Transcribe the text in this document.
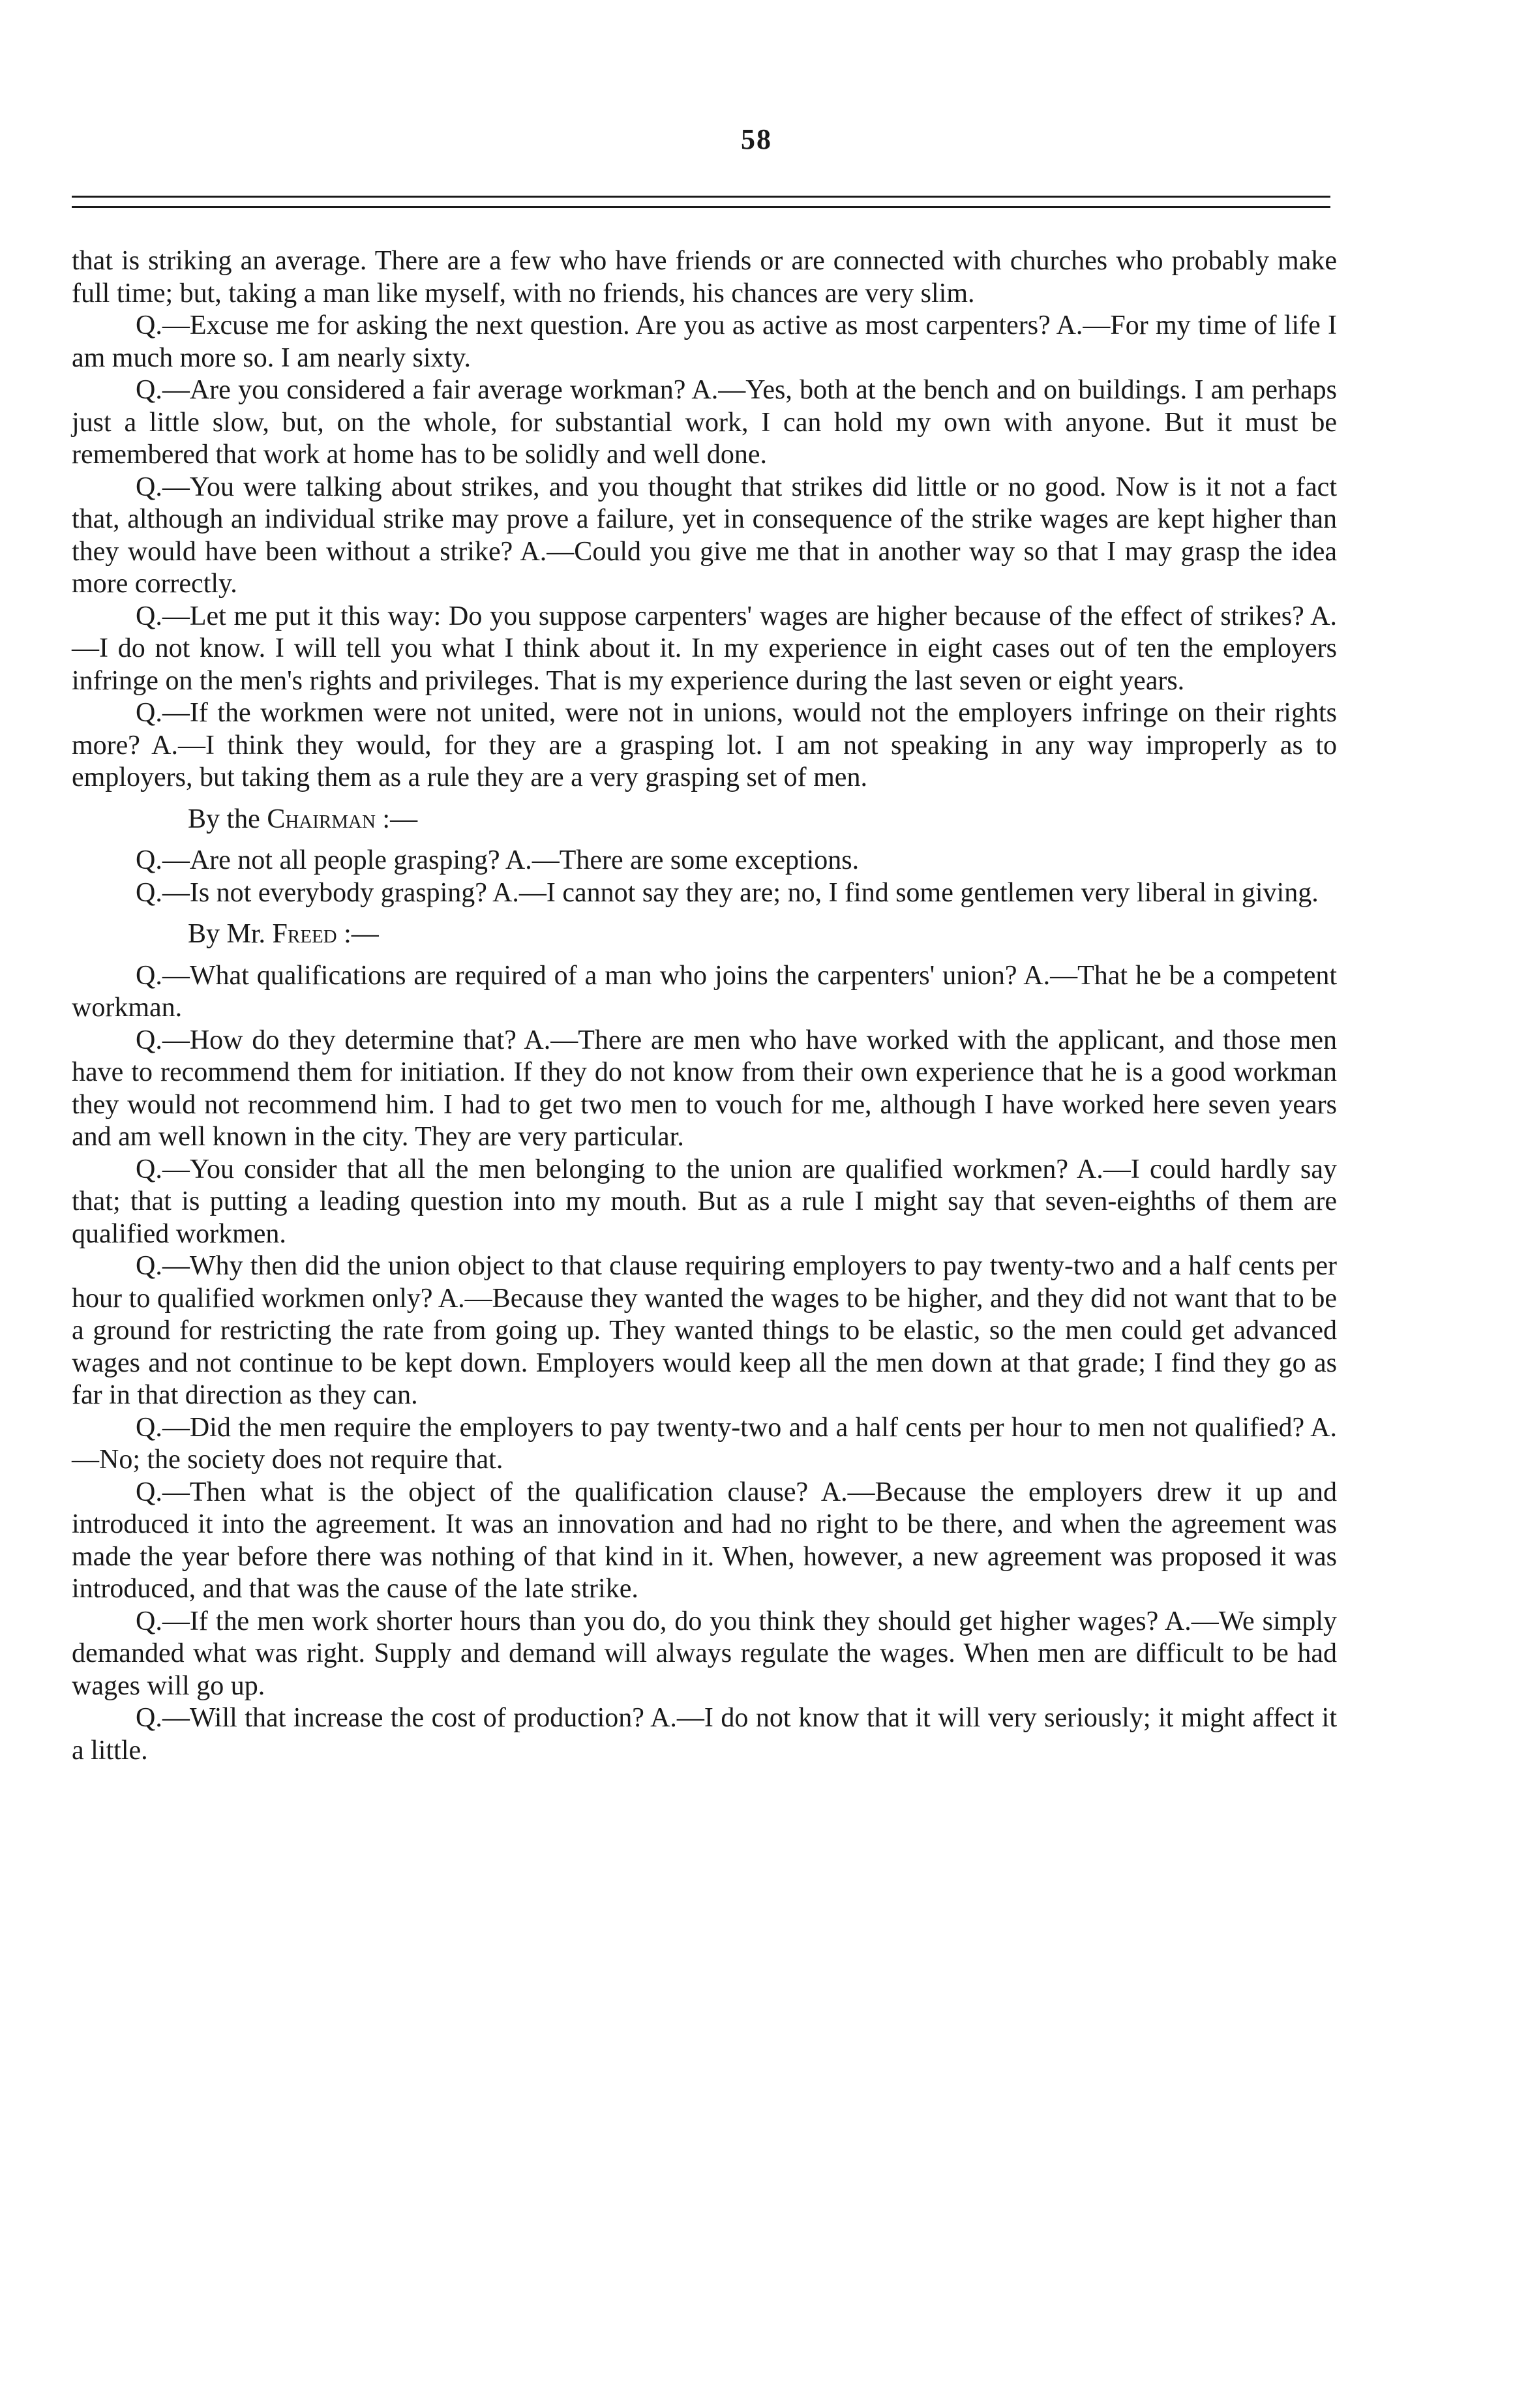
58

that is striking an average. There are a few who have friends or are connected with churches who probably make full time; but, taking a man like myself, with no friends, his chances are very slim.

Q.—Excuse me for asking the next question. Are you as active as most carpenters? A.—For my time of life I am much more so. I am nearly sixty.

Q.—Are you considered a fair average workman? A.—Yes, both at the bench and on buildings. I am perhaps just a little slow, but, on the whole, for substantial work, I can hold my own with anyone. But it must be remembered that work at home has to be solidly and well done.

Q.—You were talking about strikes, and you thought that strikes did little or no good. Now is it not a fact that, although an individual strike may prove a failure, yet in consequence of the strike wages are kept higher than they would have been without a strike? A.—Could you give me that in another way so that I may grasp the idea more correctly.

Q.—Let me put it this way: Do you suppose carpenters' wages are higher because of the effect of strikes? A.—I do not know. I will tell you what I think about it. In my experience in eight cases out of ten the employers infringe on the men's rights and privileges. That is my experience during the last seven or eight years.

Q.—If the workmen were not united, were not in unions, would not the employers infringe on their rights more? A.—I think they would, for they are a grasping lot. I am not speaking in any way improperly as to employers, but taking them as a rule they are a very grasping set of men.

By the Chairman :—

Q.—Are not all people grasping? A.—There are some exceptions.

Q.—Is not everybody grasping? A.—I cannot say they are; no, I find some gentlemen very liberal in giving.

By Mr. Freed :—

Q.—What qualifications are required of a man who joins the carpenters' union? A.—That he be a competent workman.

Q.—How do they determine that? A.—There are men who have worked with the applicant, and those men have to recommend them for initiation. If they do not know from their own experience that he is a good workman they would not recommend him. I had to get two men to vouch for me, although I have worked here seven years and am well known in the city. They are very particular.

Q.—You consider that all the men belonging to the union are qualified workmen? A.—I could hardly say that; that is putting a leading question into my mouth. But as a rule I might say that seven-eighths of them are qualified workmen.

Q.—Why then did the union object to that clause requiring employers to pay twenty-two and a half cents per hour to qualified workmen only? A.—Because they wanted the wages to be higher, and they did not want that to be a ground for restricting the rate from going up. They wanted things to be elastic, so the men could get advanced wages and not continue to be kept down. Employers would keep all the men down at that grade; I find they go as far in that direction as they can.

Q.—Did the men require the employers to pay twenty-two and a half cents per hour to men not qualified? A.—No; the society does not require that.

Q.—Then what is the object of the qualification clause? A.—Because the employers drew it up and introduced it into the agreement. It was an innovation and had no right to be there, and when the agreement was made the year before there was nothing of that kind in it. When, however, a new agreement was proposed it was introduced, and that was the cause of the late strike.

Q.—If the men work shorter hours than you do, do you think they should get higher wages? A.—We simply demanded what was right. Supply and demand will always regulate the wages. When men are difficult to be had wages will go up.

Q.—Will that increase the cost of production? A.—I do not know that it will very seriously; it might affect it a little.
